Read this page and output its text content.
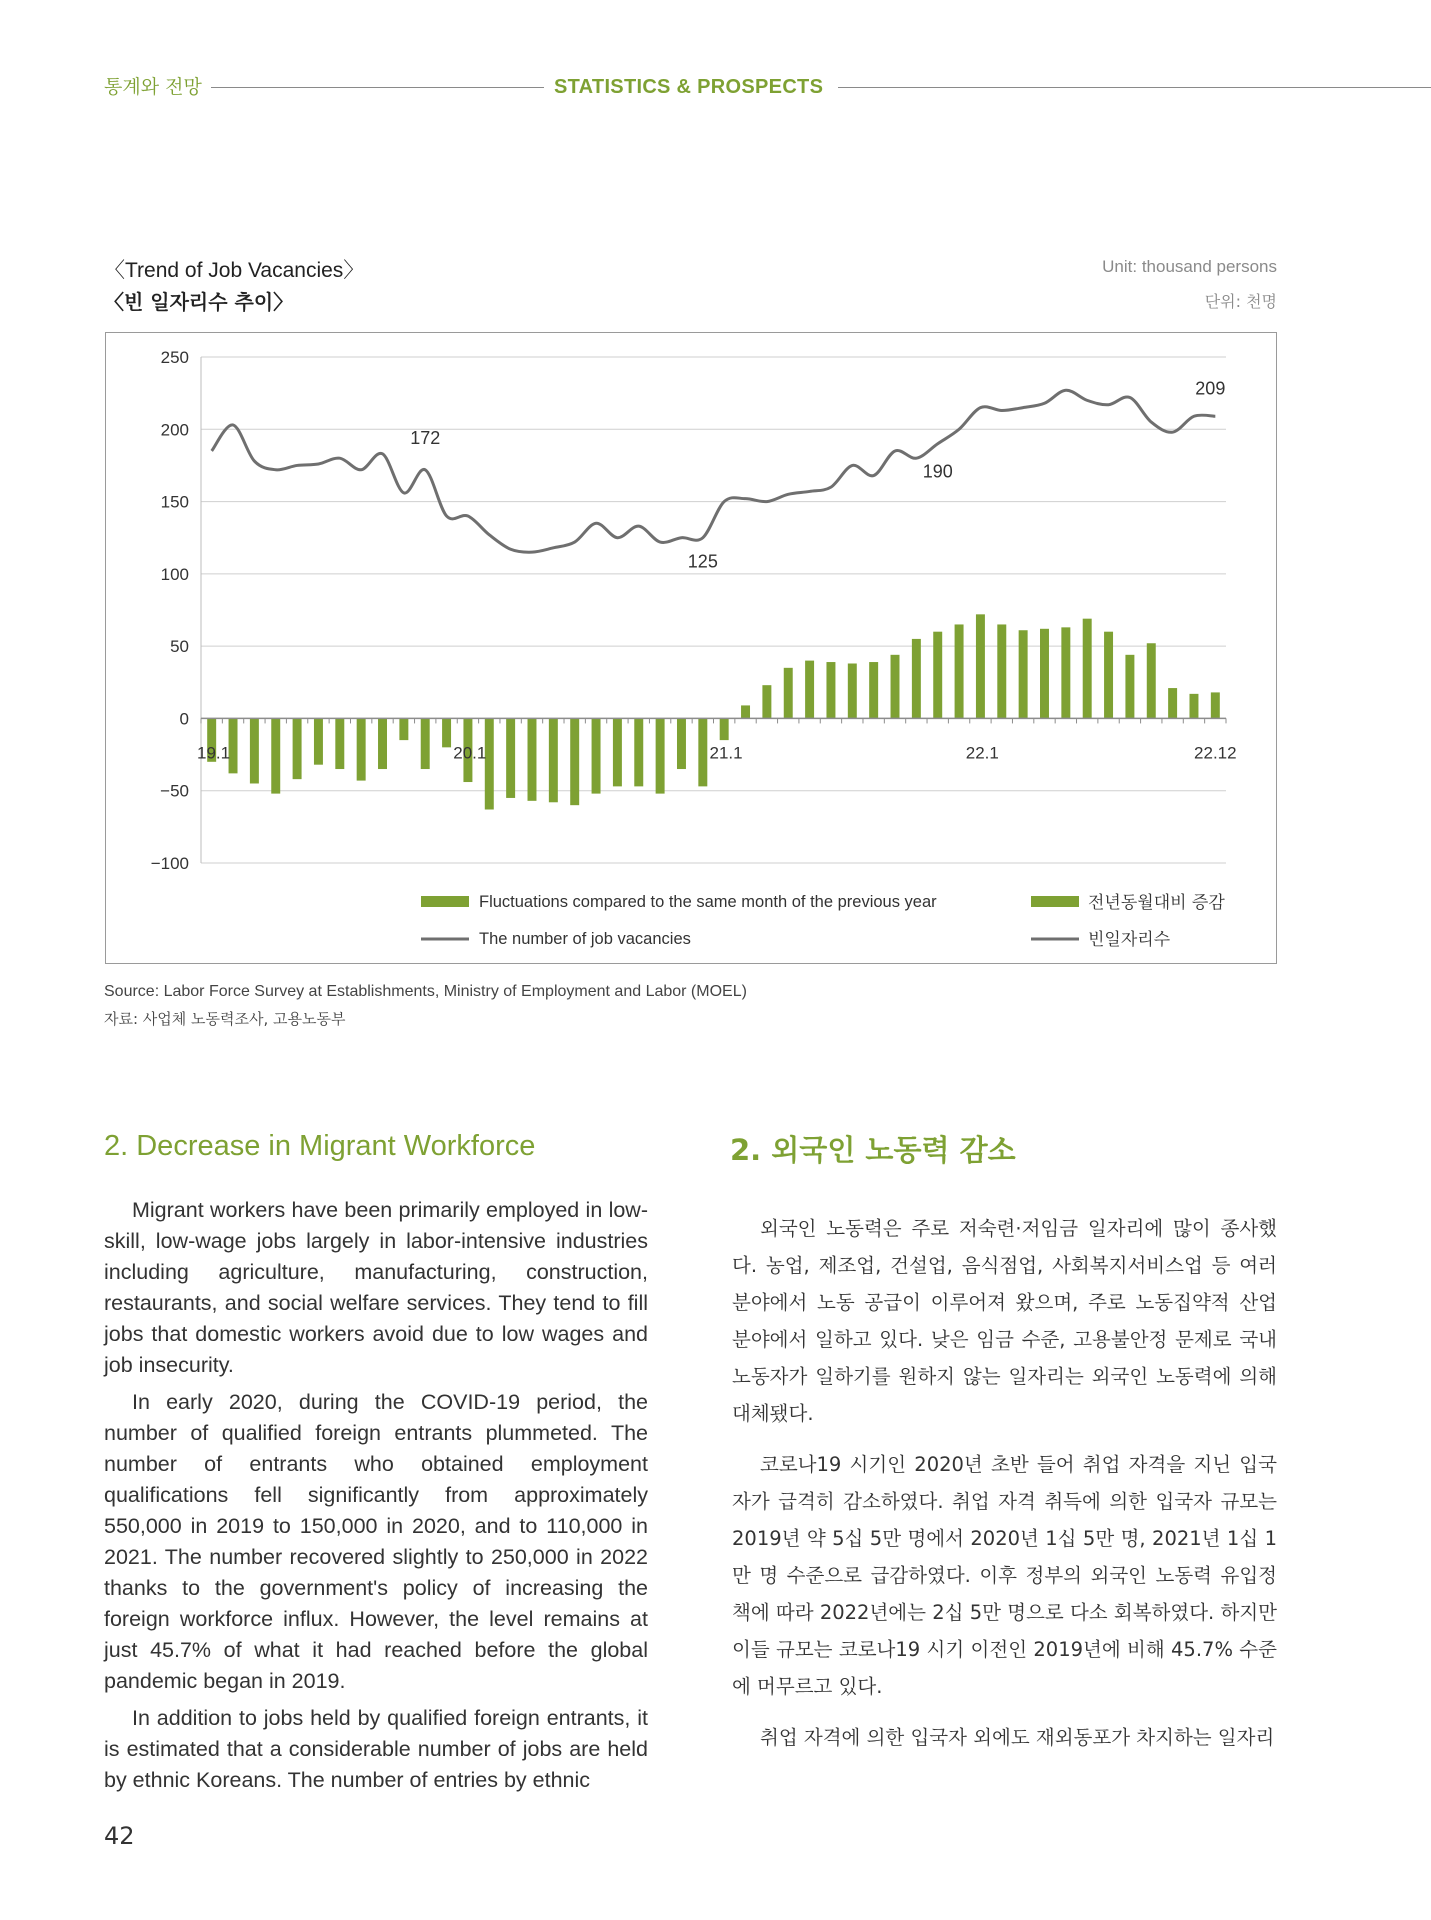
통계와 전망	STATISTICS & PROSPECTS
〈Trend of Job Vacancies〉
〈빈 일자리수 추이〉
Unit: thousand persons
단위: 천명
250
200
150
100
50
0
−50
−100
19.1	20.1	21.1	22.1	22.12
172
125
190
209
Fluctuations compared to the same month of the previous year
The number of job vacancies
전년동월대비 증감
빈일자리수
Source: Labor Force Survey at Establishments, Ministry of Employment and Labor (MOEL)
자료: 사업체 노동력조사, 고용노동부
2. Decrease in Migrant Workforce	2. 외국인 노동력 감소

Migrant workers have been primarily employed in low-skill, low-wage jobs largely in labor-intensive industries including agriculture, manufacturing, construction, restaurants, and social welfare services. They tend to fill jobs that domestic workers avoid due to low wages and job insecurity.

In early 2020, during the COVID-19 period, the number of qualified foreign entrants plummeted. The number of entrants who obtained employment qualifications fell significantly from approximately 550,000 in 2019 to 150,000 in 2020, and to 110,000 in 2021. The number recovered slightly to 250,000 in 2022 thanks to the government's policy of increasing the foreign workforce influx. However, the level remains at just 45.7% of what it had reached before the global pandemic began in 2019.

In addition to jobs held by qualified foreign entrants, it is estimated that a considerable number of jobs are held by ethnic Koreans. The number of entries by ethnic

외국인 노동력은 주로 저숙련·저임금 일자리에 많이 종사했다. 농업, 제조업, 건설업, 음식점업, 사회복지서비스업 등 여러 분야에서 노동 공급이 이루어져 왔으며, 주로 노동집약적 산업 분야에서 일하고 있다. 낮은 임금 수준, 고용불안정 문제로 국내 노동자가 일하기를 원하지 않는 일자리는 외국인 노동력에 의해 대체됐다.

코로나19 시기인 2020년 초반 들어 취업 자격을 지닌 입국자가 급격히 감소하였다. 취업 자격 취득에 의한 입국자 규모는 2019년 약 5십 5만 명에서 2020년 1십 5만 명, 2021년 1십 1만 명 수준으로 급감하였다. 이후 정부의 외국인 노동력 유입정책에 따라 2022년에는 2십 5만 명으로 다소 회복하였다. 하지만 이들 규모는 코로나19 시기 이전인 2019년에 비해 45.7% 수준에 머무르고 있다.

취업 자격에 의한 입국자 외에도 재외동포가 차지하는 일자리

42
